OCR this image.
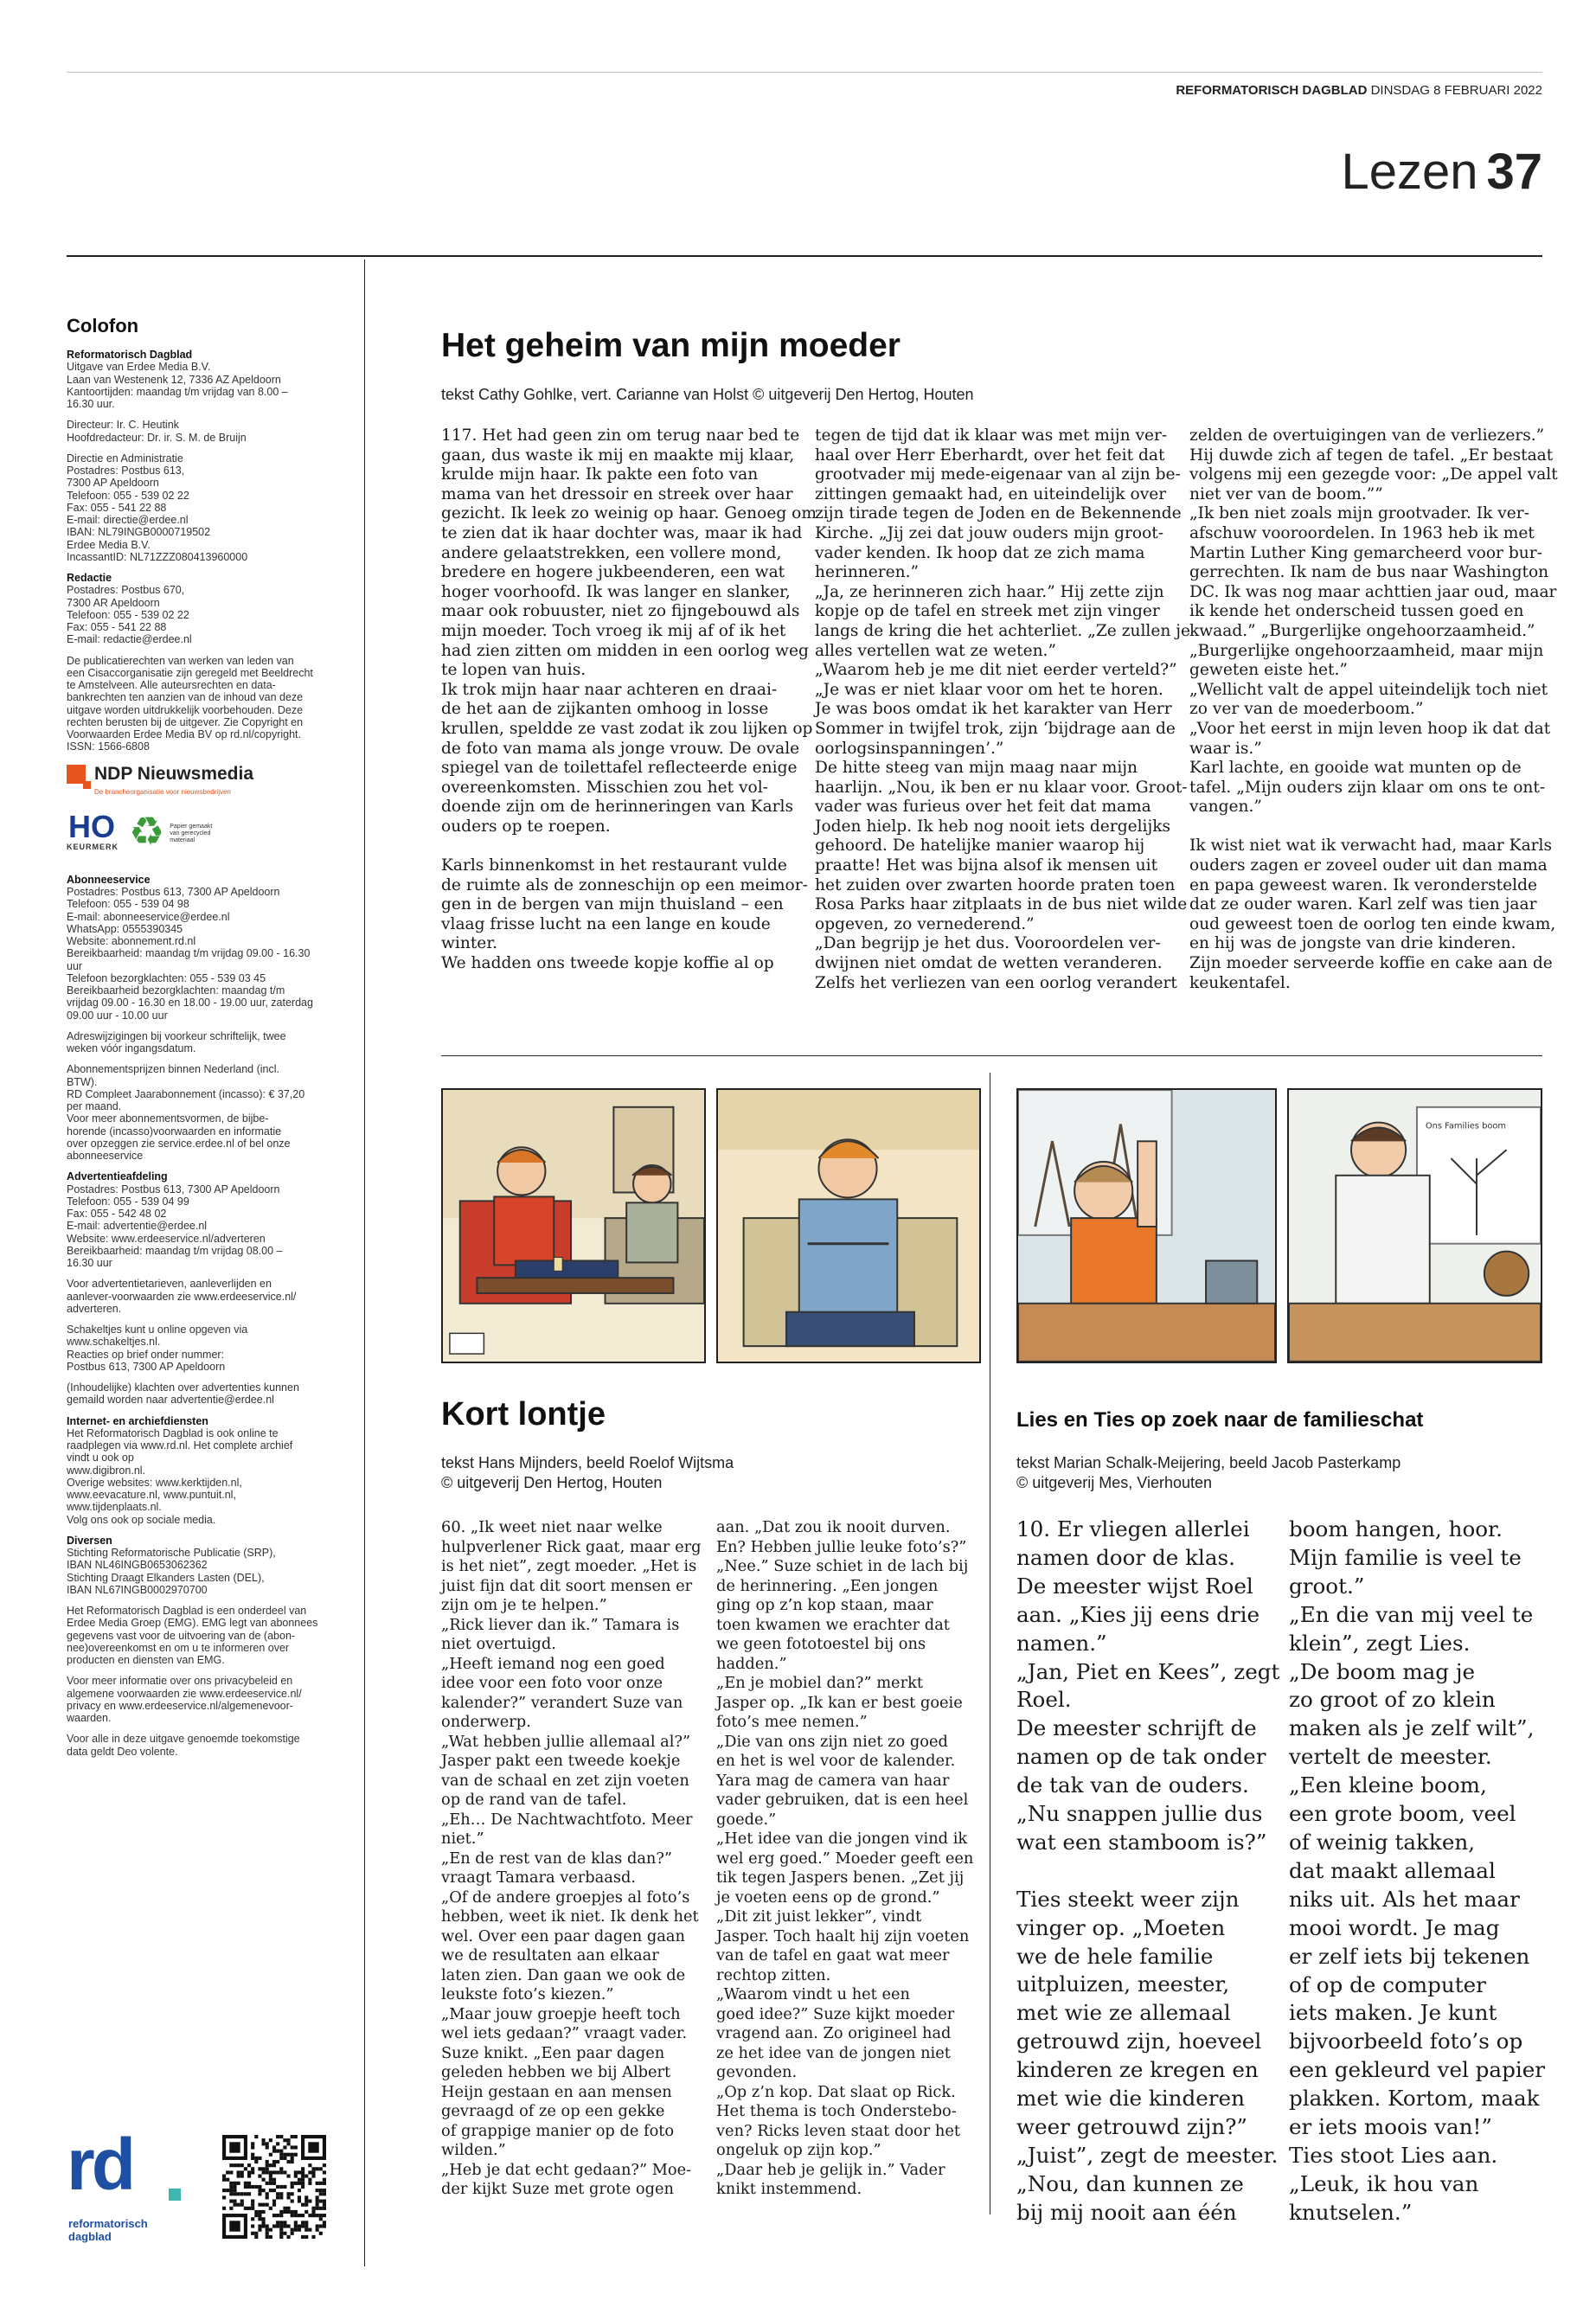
REFORMATORISCH DAGBLAD DINSDAG 8 FEBRUARI 2022
Lezen 37
Colofon
Reformatorisch Dagblad
Uitgave van Erdee Media B.V.
Laan van Westenenk 12, 7336 AZ Apeldoorn
Kantoortijden: maandag t/m vrijdag van 8.00 –
16.30 uur.
Directeur: Ir. C. Heutink
Hoofdredacteur: Dr. ir. S. M. de Bruijn
Directie en Administratie
Postadres: Postbus 613,
7300 AP Apeldoorn
Telefoon: 055 - 539 02 22
Fax: 055 - 541 22 88
E-mail: directie@erdee.nl
IBAN: NL79INGB0000719502
Erdee Media B.V.
IncassantID: NL71ZZZ080413960000
Redactie
Postadres: Postbus 670,
7300 AR Apeldoorn
Telefoon: 055 - 539 02 22
Fax: 055 - 541 22 88
E-mail: redactie@erdee.nl
De publicatierechten van werken van leden van
een Cisaccorganisatie zijn geregeld met Beeldrecht
te Amstelveen. Alle auteursrechten en data-
bankrechten ten aanzien van de inhoud van deze
uitgave worden uitdrukkelijk voorbehouden. Deze
rechten berusten bij de uitgever. Zie Copyright en
Voorwaarden Erdee Media BV op rd.nl/copyright.
ISSN: 1566-6808
NDP Nieuwsmedia
De brancheorganisatie voor nieuwsbedrijven
HO
KEURMERK ♻ Papier gemaakt van gerecycled materiaal
Abonneeservice
Postadres: Postbus 613, 7300 AP Apeldoorn
Telefoon: 055 - 539 04 98
E-mail: abonneeservice@erdee.nl
WhatsApp: 0555390345
Website: abonnement.rd.nl
Bereikbaarheid: maandag t/m vrijdag 09.00 - 16.30
uur
Telefoon bezorgklachten: 055 - 539 03 45
Bereikbaarheid bezorgklachten: maandag t/m
vrijdag 09.00 - 16.30 en 18.00 - 19.00 uur, zaterdag
09.00 uur - 10.00 uur
Adreswijzigingen bij voorkeur schriftelijk, twee
weken vóór ingangsdatum.
Abonnementsprijzen binnen Nederland (incl.
BTW).
RD Compleet Jaarabonnement (incasso): € 37,20
per maand.
Voor meer abonnementsvormen, de bijbe-
horende (incasso)voorwaarden en informatie
over opzeggen zie service.erdee.nl of bel onze
abonneeservice
Advertentieafdeling
Postadres: Postbus 613, 7300 AP Apeldoorn
Telefoon: 055 - 539 04 99
Fax: 055 - 542 48 02
E-mail: advertentie@erdee.nl
Website: www.erdeeservice.nl/adverteren
Bereikbaarheid: maandag t/m vrijdag 08.00 –
16.30 uur
Voor advertentietarieven, aanleverlijden en
aanlever-voorwaarden zie www.erdeeservice.nl/
adverteren.
Schakeltjes kunt u online opgeven via
www.schakeltjes.nl.
Reacties op brief onder nummer:
Postbus 613, 7300 AP Apeldoorn
(Inhoudelijke) klachten over advertenties kunnen
gemaild worden naar advertentie@erdee.nl
Internet- en archiefdiensten
Het Reformatorisch Dagblad is ook online te
raadplegen via www.rd.nl. Het complete archief
vindt u ook op
www.digibron.nl.
Overige websites: www.kerktijden.nl,
www.eevacature.nl, www.puntuit.nl,
www.tijdenplaats.nl.
Volg ons ook op sociale media.
Diversen
Stichting Reformatorische Publicatie (SRP),
IBAN NL46INGB0653062362
Stichting Draagt Elkanders Lasten (DEL),
IBAN NL67INGB0002970700
Het Reformatorisch Dagblad is een onderdeel van
Erdee Media Groep (EMG). EMG legt van abonnees
gegevens vast voor de uitvoering van de (abon-
nee)overeenkomst en om u te informeren over
producten en diensten van EMG.
Voor meer informatie over ons privacybeleid en
algemene voorwaarden zie www.erdeeservice.nl/
privacy en www.erdeeservice.nl/algemenevoor-
waarden.
Voor alle in deze uitgave genoemde toekomstige
data geldt Deo volente.
rd
reformatorisch
dagblad
Het geheim van mijn moeder
tekst Cathy Gohlke, vert. Carianne van Holst © uitgeverij Den Hertog, Houten
117. Het had geen zin om terug naar bed te
gaan, dus waste ik mij en maakte mij klaar,
krulde mijn haar. Ik pakte een foto van
mama van het dressoir en streek over haar
gezicht. Ik leek zo weinig op haar. Genoeg om
te zien dat ik haar dochter was, maar ik had
andere gelaatstrekken, een vollere mond,
bredere en hogere jukbeenderen, een wat
hoger voorhoofd. Ik was langer en slanker,
maar ook robuuster, niet zo fijngebouwd als
mijn moeder. Toch vroeg ik mij af of ik het
had zien zitten om midden in een oorlog weg
te lopen van huis.
Ik trok mijn haar naar achteren en draai-
de het aan de zijkanten omhoog in losse
krullen, speldde ze vast zodat ik zou lijken op
de foto van mama als jonge vrouw. De ovale
spiegel van de toilettafel reflecteerde enige
overeenkomsten. Misschien zou het vol-
doende zijn om de herinneringen van Karls
ouders op te roepen.
Karls binnenkomst in het restaurant vulde
de ruimte als de zonneschijn op een meimor-
gen in de bergen van mijn thuisland – een
vlaag frisse lucht na een lange en koude
winter.
We hadden ons tweede kopje koffie al op
tegen de tijd dat ik klaar was met mijn ver-
haal over Herr Eberhardt, over het feit dat
grootvader mij mede-eigenaar van al zijn be-
zittingen gemaakt had, en uiteindelijk over
zijn tirade tegen de Joden en de Bekennende
Kirche. „Jij zei dat jouw ouders mijn groot-
vader kenden. Ik hoop dat ze zich mama
herinneren.”
„Ja, ze herinneren zich haar.” Hij zette zijn
kopje op de tafel en streek met zijn vinger
langs de kring die het achterliet. „Ze zullen je
alles vertellen wat ze weten.”
„Waarom heb je me dit niet eerder verteld?”
„Je was er niet klaar voor om het te horen.
Je was boos omdat ik het karakter van Herr
Sommer in twijfel trok, zijn ‘bijdrage aan de
oorlogsinspanningen’.”
De hitte steeg van mijn maag naar mijn
haarlijn. „Nou, ik ben er nu klaar voor. Groot-
vader was furieus over het feit dat mama
Joden hielp. Ik heb nog nooit iets dergelijks
gehoord. De hatelijke manier waarop hij
praatte! Het was bijna alsof ik mensen uit
het zuiden over zwarten hoorde praten toen
Rosa Parks haar zitplaats in de bus niet wilde
opgeven, zo vernederend.”
„Dan begrijp je het dus. Vooroordelen ver-
dwijnen niet omdat de wetten veranderen.
Zelfs het verliezen van een oorlog verandert
zelden de overtuigingen van de verliezers.”
Hij duwde zich af tegen de tafel. „Er bestaat
volgens mij een gezegde voor: „De appel valt
niet ver van de boom.””
„Ik ben niet zoals mijn grootvader. Ik ver-
afschuw vooroordelen. In 1963 heb ik met
Martin Luther King gemarcheerd voor bur-
gerrechten. Ik nam de bus naar Washington
DC. Ik was nog maar achttien jaar oud, maar
ik kende het onderscheid tussen goed en
kwaad.” „Burgerlijke ongehoorzaamheid.”
„Burgerlijke ongehoorzaamheid, maar mijn
geweten eiste het.”
„Wellicht valt de appel uiteindelijk toch niet
zo ver van de moederboom.”
„Voor het eerst in mijn leven hoop ik dat dat
waar is.”
Karl lachte, en gooide wat munten op de
tafel. „Mijn ouders zijn klaar om ons te ont-
vangen.”
Ik wist niet wat ik verwacht had, maar Karls
ouders zagen er zoveel ouder uit dan mama
en papa geweest waren. Ik veronderstelde
dat ze ouder waren. Karl zelf was tien jaar
oud geweest toen de oorlog ten einde kwam,
en hij was de jongste van drie kinderen.
Zijn moeder serveerde koffie en cake aan de
keukentafel.
Ons Families boom
Kort lontje
tekst Hans Mijnders, beeld Roelof Wijtsma
© uitgeverij Den Hertog, Houten
60. „Ik weet niet naar welke
hulpverlener Rick gaat, maar erg
is het niet”, zegt moeder. „Het is
juist fijn dat dit soort mensen er
zijn om je te helpen.”
„Rick liever dan ik.” Tamara is
niet overtuigd.
„Heeft iemand nog een goed
idee voor een foto voor onze
kalender?” verandert Suze van
onderwerp.
„Wat hebben jullie allemaal al?”
Jasper pakt een tweede koekje
van de schaal en zet zijn voeten
op de rand van de tafel.
„Eh… De Nachtwachtfoto. Meer
niet.”
„En de rest van de klas dan?”
vraagt Tamara verbaasd.
„Of de andere groepjes al foto’s
hebben, weet ik niet. Ik denk het
wel. Over een paar dagen gaan
we de resultaten aan elkaar
laten zien. Dan gaan we ook de
leukste foto’s kiezen.”
„Maar jouw groepje heeft toch
wel iets gedaan?” vraagt vader.
Suze knikt. „Een paar dagen
geleden hebben we bij Albert
Heijn gestaan en aan mensen
gevraagd of ze op een gekke
of grappige manier op de foto
wilden.”
„Heb je dat echt gedaan?” Moe-
der kijkt Suze met grote ogen
aan. „Dat zou ik nooit durven.
En? Hebben jullie leuke foto’s?”
„Nee.” Suze schiet in de lach bij
de herinnering. „Een jongen
ging op z’n kop staan, maar
toen kwamen we erachter dat
we geen fototoestel bij ons
hadden.”
„En je mobiel dan?” merkt
Jasper op. „Ik kan er best goeie
foto’s mee nemen.”
„Die van ons zijn niet zo goed
en het is wel voor de kalender.
Yara mag de camera van haar
vader gebruiken, dat is een heel
goede.”
„Het idee van die jongen vind ik
wel erg goed.” Moeder geeft een
tik tegen Jaspers benen. „Zet jij
je voeten eens op de grond.”
„Dit zit juist lekker”, vindt
Jasper. Toch haalt hij zijn voeten
van de tafel en gaat wat meer
rechtop zitten.
„Waarom vindt u het een
goed idee?” Suze kijkt moeder
vragend aan. Zo origineel had
ze het idee van de jongen niet
gevonden.
„Op z’n kop. Dat slaat op Rick.
Het thema is toch Onderstebo-
ven? Ricks leven staat door het
ongeluk op zijn kop.”
„Daar heb je gelijk in.” Vader
knikt instemmend.
Lies en Ties op zoek naar de familieschat
tekst Marian Schalk-Meijering, beeld Jacob Pasterkamp
© uitgeverij Mes, Vierhouten
10. Er vliegen allerlei
namen door de klas.
De meester wijst Roel
aan. „Kies jij eens drie
namen.”
„Jan, Piet en Kees”, zegt
Roel.
De meester schrijft de
namen op de tak onder
de tak van de ouders.
„Nu snappen jullie dus
wat een stamboom is?”
Ties steekt weer zijn
vinger op. „Moeten
we de hele familie
uitpluizen, meester,
met wie ze allemaal
getrouwd zijn, hoeveel
kinderen ze kregen en
met wie die kinderen
weer getrouwd zijn?”
„Juist”, zegt de meester.
„Nou, dan kunnen ze
bij mij nooit aan één
boom hangen, hoor.
Mijn familie is veel te
groot.”
„En die van mij veel te
klein”, zegt Lies.
„De boom mag je
zo groot of zo klein
maken als je zelf wilt”,
vertelt de meester.
„Een kleine boom,
een grote boom, veel
of weinig takken,
dat maakt allemaal
niks uit. Als het maar
mooi wordt. Je mag
er zelf iets bij tekenen
of op de computer
iets maken. Je kunt
bijvoorbeeld foto’s op
een gekleurd vel papier
plakken. Kortom, maak
er iets moois van!”
Ties stoot Lies aan.
„Leuk, ik hou van
knutselen.”
